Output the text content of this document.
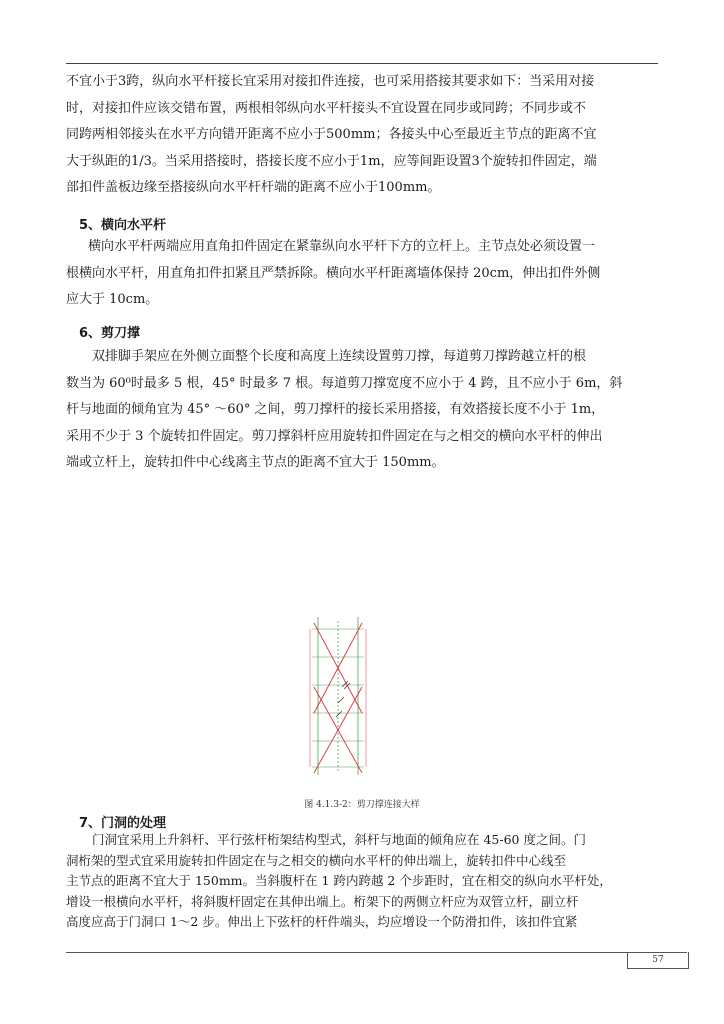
不宜小于3跨，纵向水平杆接长宜采用对接扣件连接，也可采用搭接其要求如下：当采用对接

时，对接扣件应该交错布置，两根相邻纵向水平杆接头不宜设置在同步或同跨；不同步或不

同跨两相邻接头在水平方向错开距离不应小于500mm；各接头中心至最近主节点的距离不宜

大于纵距的1/3。当采用搭接时，搭接长度不应小于1m，应等间距设置3个旋转扣件固定，端

部扣件盖板边缘至搭接纵向水平杆杆端的距离不应小于100mm。

5、横向水平杆

横向水平杆两端应用直角扣件固定在紧靠纵向水平杆下方的立杆上。主节点处必须设置一

根横向水平杆，用直角扣件扣紧且严禁拆除。横向水平杆距离墙体保持 20cm，伸出扣件外侧

应大于 10cm。

6、剪刀撑

双排脚手架应在外侧立面整个长度和高度上连续设置剪刀撑，每道剪刀撑跨越立杆的根

数当为 60⁰时最多 5 根，45° 时最多 7 根。每道剪刀撑宽度不应小于 4 跨，且不应小于 6m，斜

杆与地面的倾角宜为 45° ～60° 之间，剪刀撑杆的接长采用搭接，有效搭接长度不小于 1m，

采用不少于 3 个旋转扣件固定。剪刀撑斜杆应用旋转扣件固定在与之相交的横向水平杆的伸出

端或立杆上，旋转扣件中心线离主节点的距离不宜大于 150mm。

图 4.1.3-2：剪刀撑连接大样
7、门洞的处理

门洞宜采用上升斜杆、平行弦杆桁架结构型式，斜杆与地面的倾角应在 45-60 度之间。门

洞桁架的型式宜采用旋转扣件固定在与之相交的横向水平杆的伸出端上，旋转扣件中心线至

主节点的距离不宜大于 150mm。当斜腹杆在 1 跨内跨越 2 个步距时，宜在相交的纵向水平杆处，

增设一根横向水平杆，将斜腹杆固定在其伸出端上。桁架下的两侧立杆应为双管立杆，副立杆

高度应高于门洞口 1～2 步。伸出上下弦杆的杆件端头，均应增设一个防滑扣件，该扣件宜紧

57
